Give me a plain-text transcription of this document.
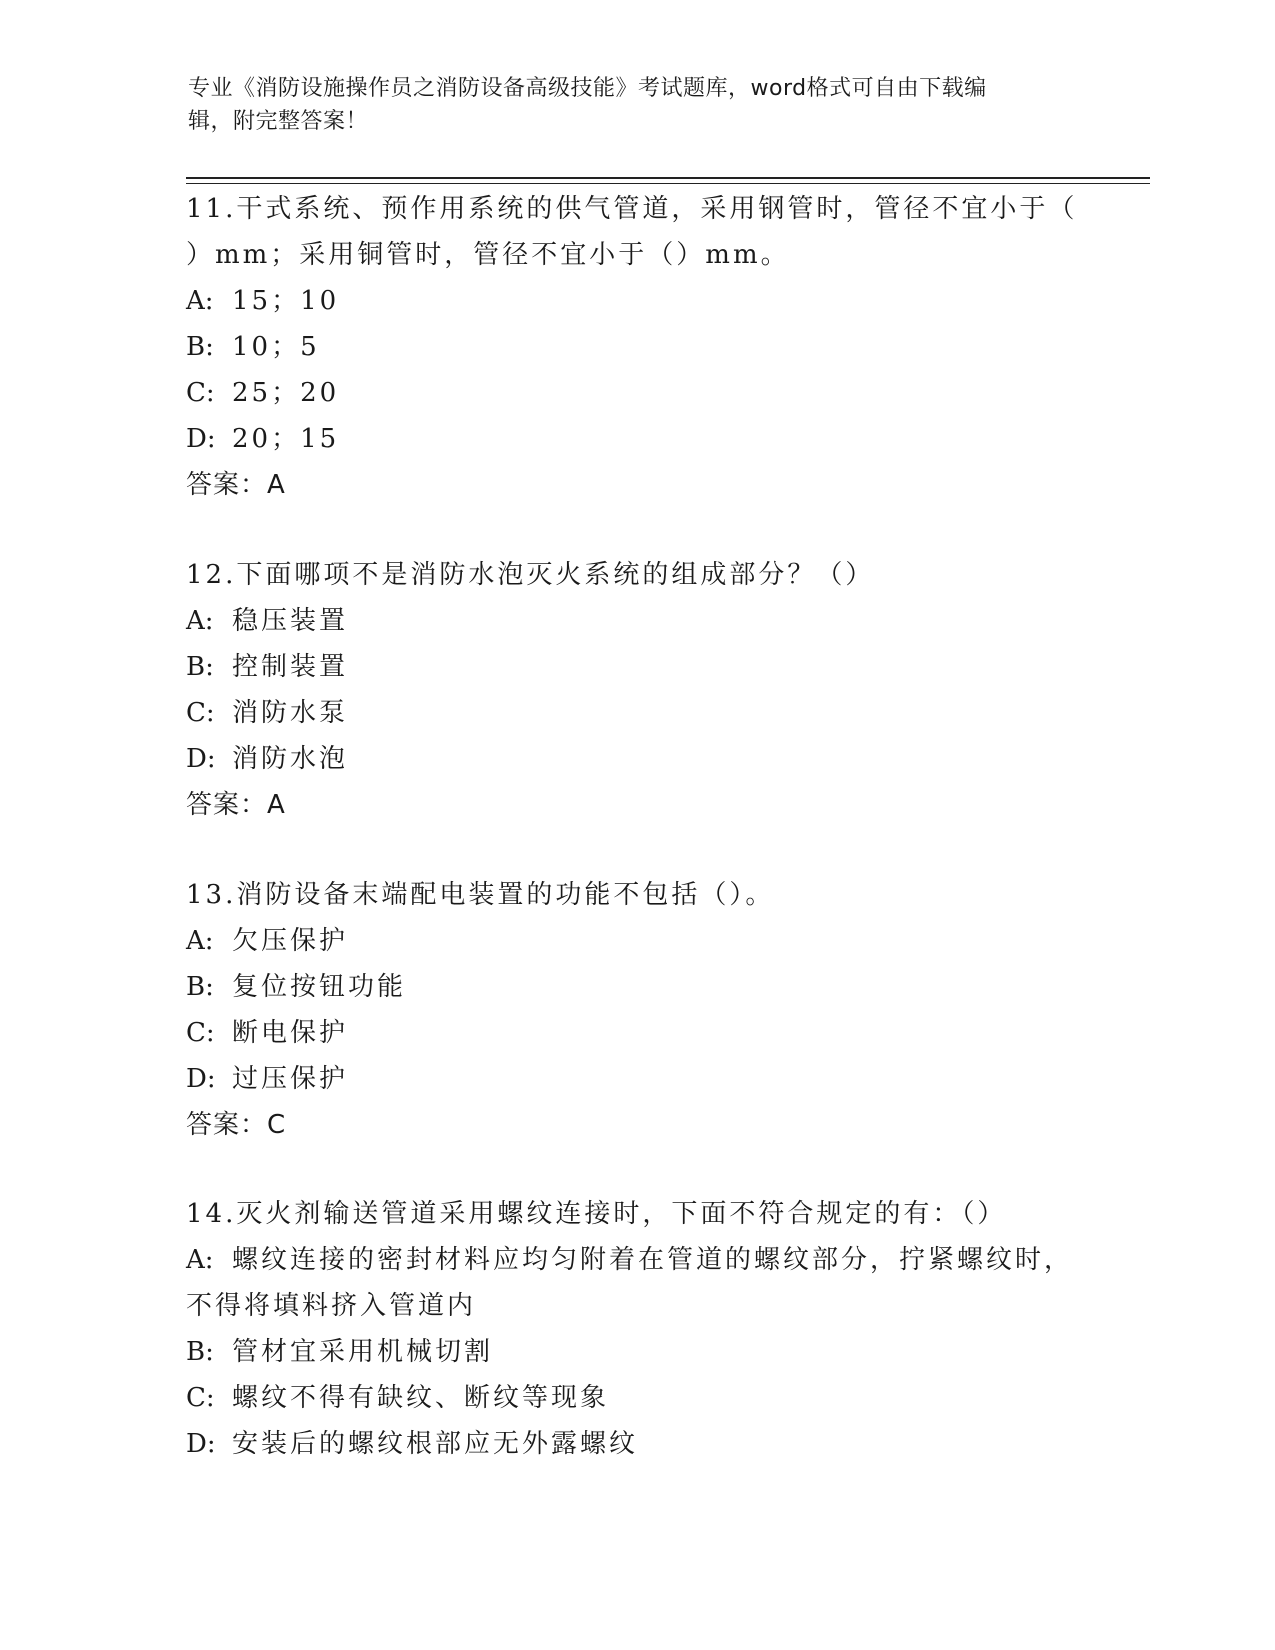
专业《消防设施操作员之消防设备高级技能》考试题库，word格式可自由下载编
辑，附完整答案！
11.干式系统、预作用系统的供气管道，采用钢管时，管径不宜小于（
）mm；采用铜管时，管径不宜小于（）mm。
A: 15；10
B: 10；5
C: 25；20
D: 20；15
答案：A
12.下面哪项不是消防水泡灭火系统的组成部分？（）
A: 稳压装置
B: 控制装置
C: 消防水泵
D: 消防水泡
答案：A
13.消防设备末端配电装置的功能不包括（）。
A: 欠压保护
B: 复位按钮功能
C: 断电保护
D: 过压保护
答案：C
14.灭火剂输送管道采用螺纹连接时，下面不符合规定的有：（）
A: 螺纹连接的密封材料应均匀附着在管道的螺纹部分，拧紧螺纹时，
不得将填料挤入管道内
B: 管材宜采用机械切割
C: 螺纹不得有缺纹、断纹等现象
D: 安装后的螺纹根部应无外露螺纹
